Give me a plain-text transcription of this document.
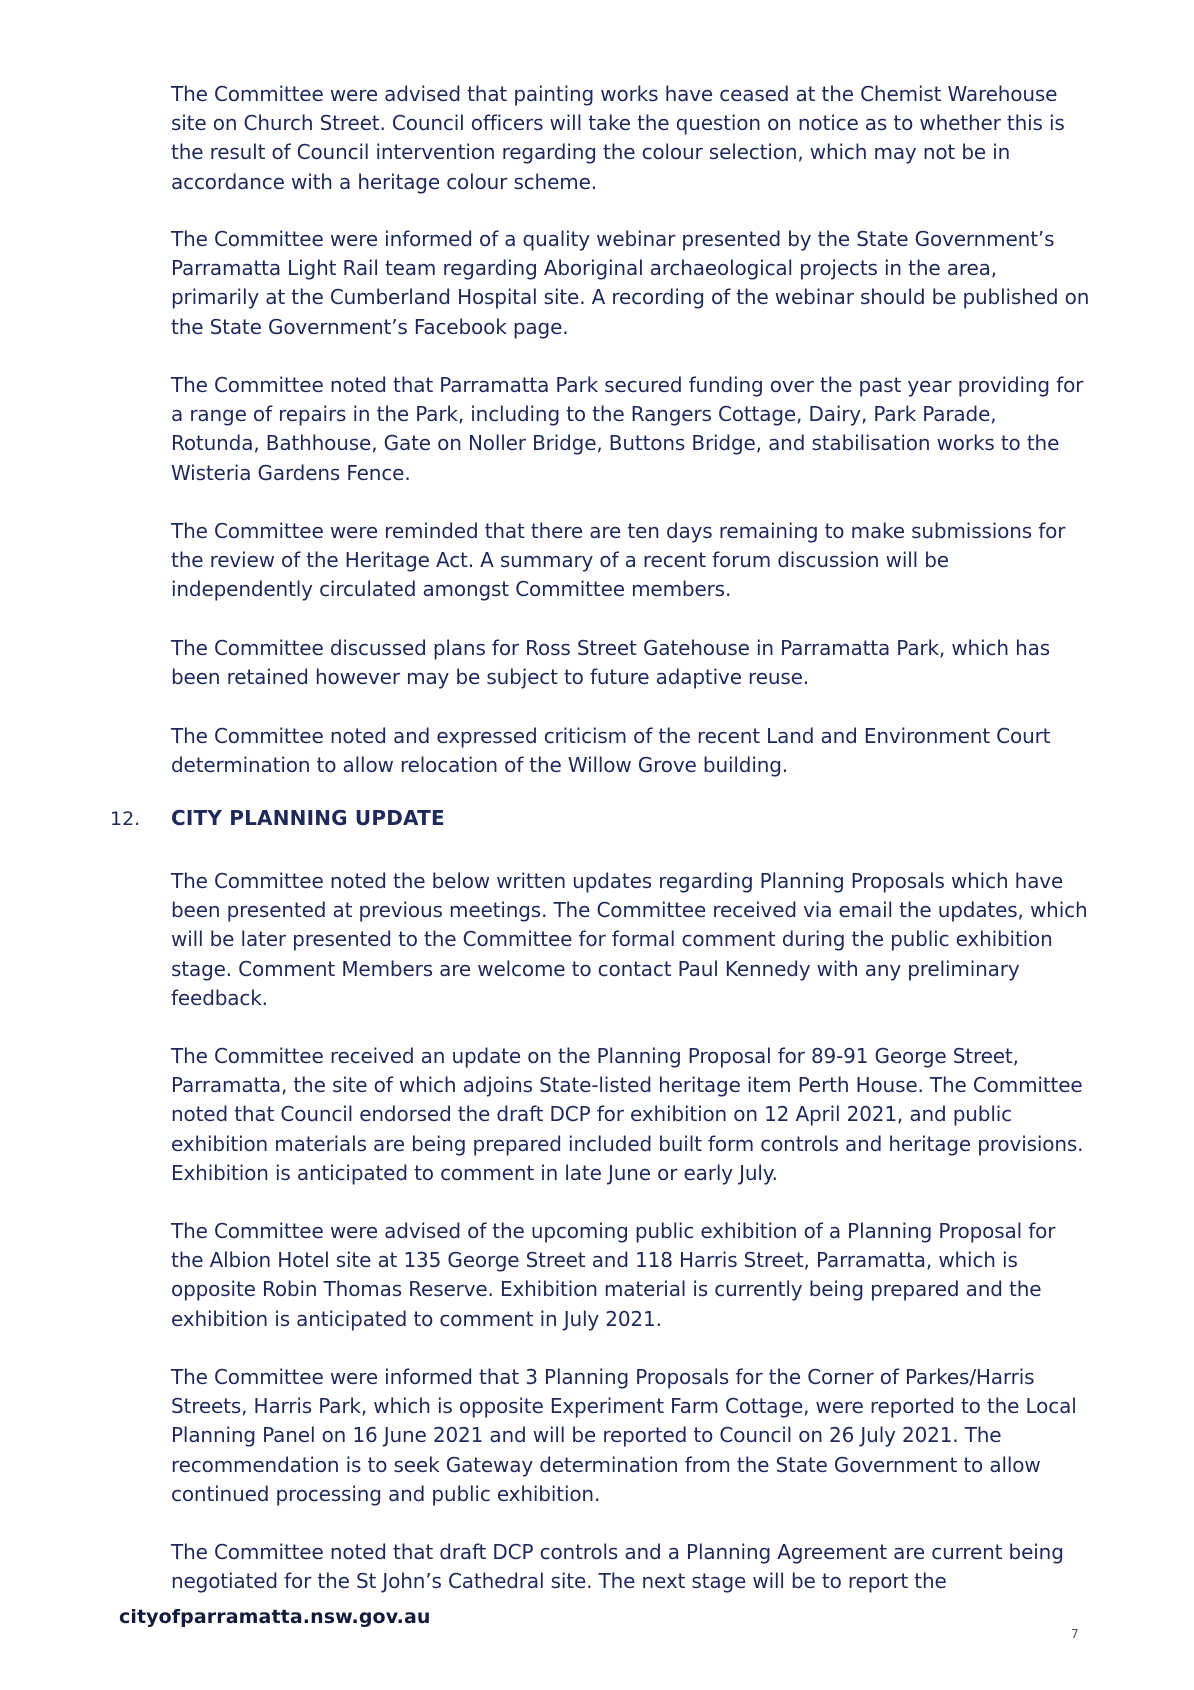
The Committee were advised that painting works have ceased at the Chemist Warehouse site on Church Street. Council officers will take the question on notice as to whether this is the result of Council intervention regarding the colour selection, which may not be in accordance with a heritage colour scheme.

The Committee were informed of a quality webinar presented by the State Government’s Parramatta Light Rail team regarding Aboriginal archaeological projects in the area, primarily at the Cumberland Hospital site. A recording of the webinar should be published on the State Government’s Facebook page.

The Committee noted that Parramatta Park secured funding over the past year providing for a range of repairs in the Park, including to the Rangers Cottage, Dairy, Park Parade, Rotunda, Bathhouse, Gate on Noller Bridge, Buttons Bridge, and stabilisation works to the Wisteria Gardens Fence.

The Committee were reminded that there are ten days remaining to make submissions for the review of the Heritage Act. A summary of a recent forum discussion will be independently circulated amongst Committee members.

The Committee discussed plans for Ross Street Gatehouse in Parramatta Park, which has been retained however may be subject to future adaptive reuse.

The Committee noted and expressed criticism of the recent Land and Environment Court determination to allow relocation of the Willow Grove building.

12.	CITY PLANNING UPDATE

The Committee noted the below written updates regarding Planning Proposals which have been presented at previous meetings. The Committee received via email the updates, which will be later presented to the Committee for formal comment during the public exhibition stage. Comment Members are welcome to contact Paul Kennedy with any preliminary feedback.

The Committee received an update on the Planning Proposal for 89-91 George Street, Parramatta, the site of which adjoins State-listed heritage item Perth House. The Committee noted that Council endorsed the draft DCP for exhibition on 12 April 2021, and public exhibition materials are being prepared included built form controls and heritage provisions. Exhibition is anticipated to comment in late June or early July.

The Committee were advised of the upcoming public exhibition of a Planning Proposal for the Albion Hotel site at 135 George Street and 118 Harris Street, Parramatta, which is opposite Robin Thomas Reserve. Exhibition material is currently being prepared and the exhibition is anticipated to comment in July 2021.

The Committee were informed that 3 Planning Proposals for the Corner of Parkes/Harris Streets, Harris Park, which is opposite Experiment Farm Cottage, were reported to the Local Planning Panel on 16 June 2021 and will be reported to Council on 26 July 2021. The recommendation is to seek Gateway determination from the State Government to allow continued processing and public exhibition.

The Committee noted that draft DCP controls and a Planning Agreement are current being negotiated for the St John’s Cathedral site. The next stage will be to report the

cityofparramatta.nsw.gov.au
7
